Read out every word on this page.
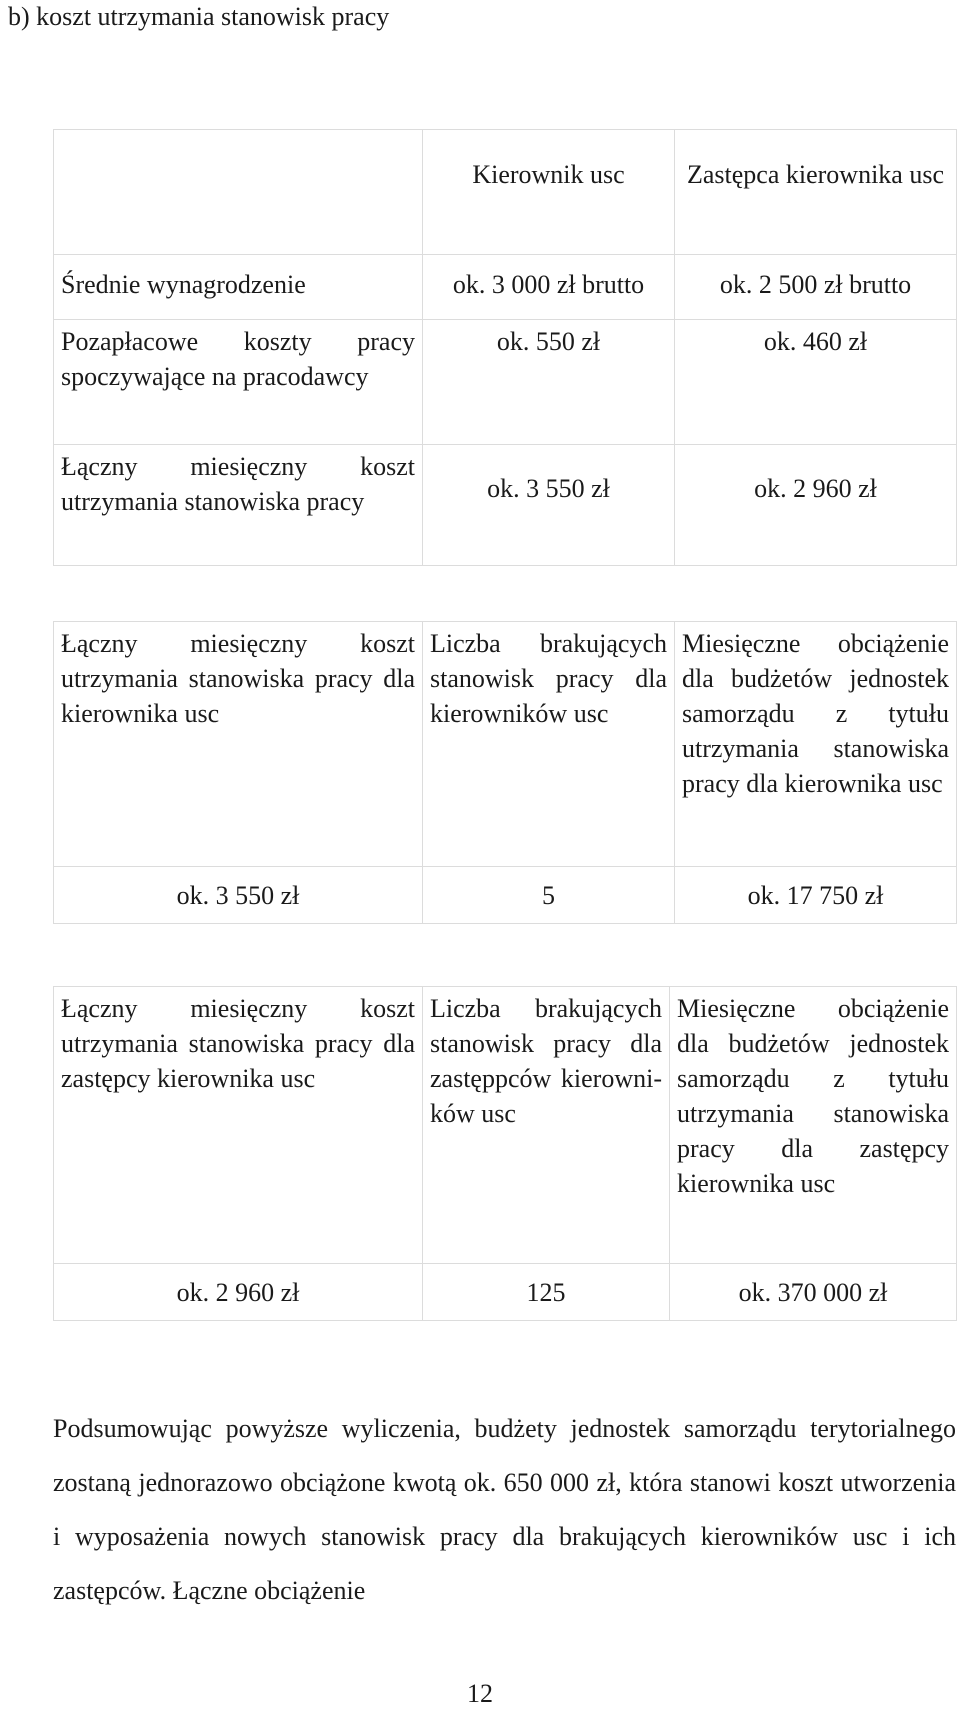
b) koszt utrzymania stanowisk pracy
	Kierownik usc	Zastępca kierownika usc
Średnie wynagrodzenie	ok. 3 000 zł brutto	ok. 2 500 zł brutto
Pozapłacowe koszty pracy spoczywające na pracodawcy	ok. 550 zł	ok. 460 zł
Łączny miesięczny koszt utrzymania stanowiska pracy	ok. 3 550 zł	ok. 2 960 zł
Łączny miesięczny koszt utrzymania stanowiska pracy dla kierownika usc	Liczba brakujących stanowisk pracy dla kierowników usc	Miesięczne obciążenie dla budżetów jednostek samorządu z tytułu utrzymania stanowiska pracy dla kierownika usc
ok. 3 550 zł	5	ok. 17 750 zł
Łączny miesięczny koszt utrzymania stanowiska pracy dla zastępcy kierownika usc	Liczba brakujących stanowisk pracy dla zastęppców kierowników usc	Miesięczne obciążenie dla budżetów jednostek samorządu z tytułu utrzymania stanowiska pracy dla zastępcy kierownika usc
ok. 2 960 zł	125	ok. 370 000 zł
Podsumowując powyższe wyliczenia, budżety jednostek samorządu terytorialnego zostaną jednorazowo obciążone kwotą ok. 650 000 zł, która stanowi koszt utworzenia i wyposażenia nowych stanowisk pracy dla brakujących kierowników usc i ich zastępców. Łączne obciążenie
12
